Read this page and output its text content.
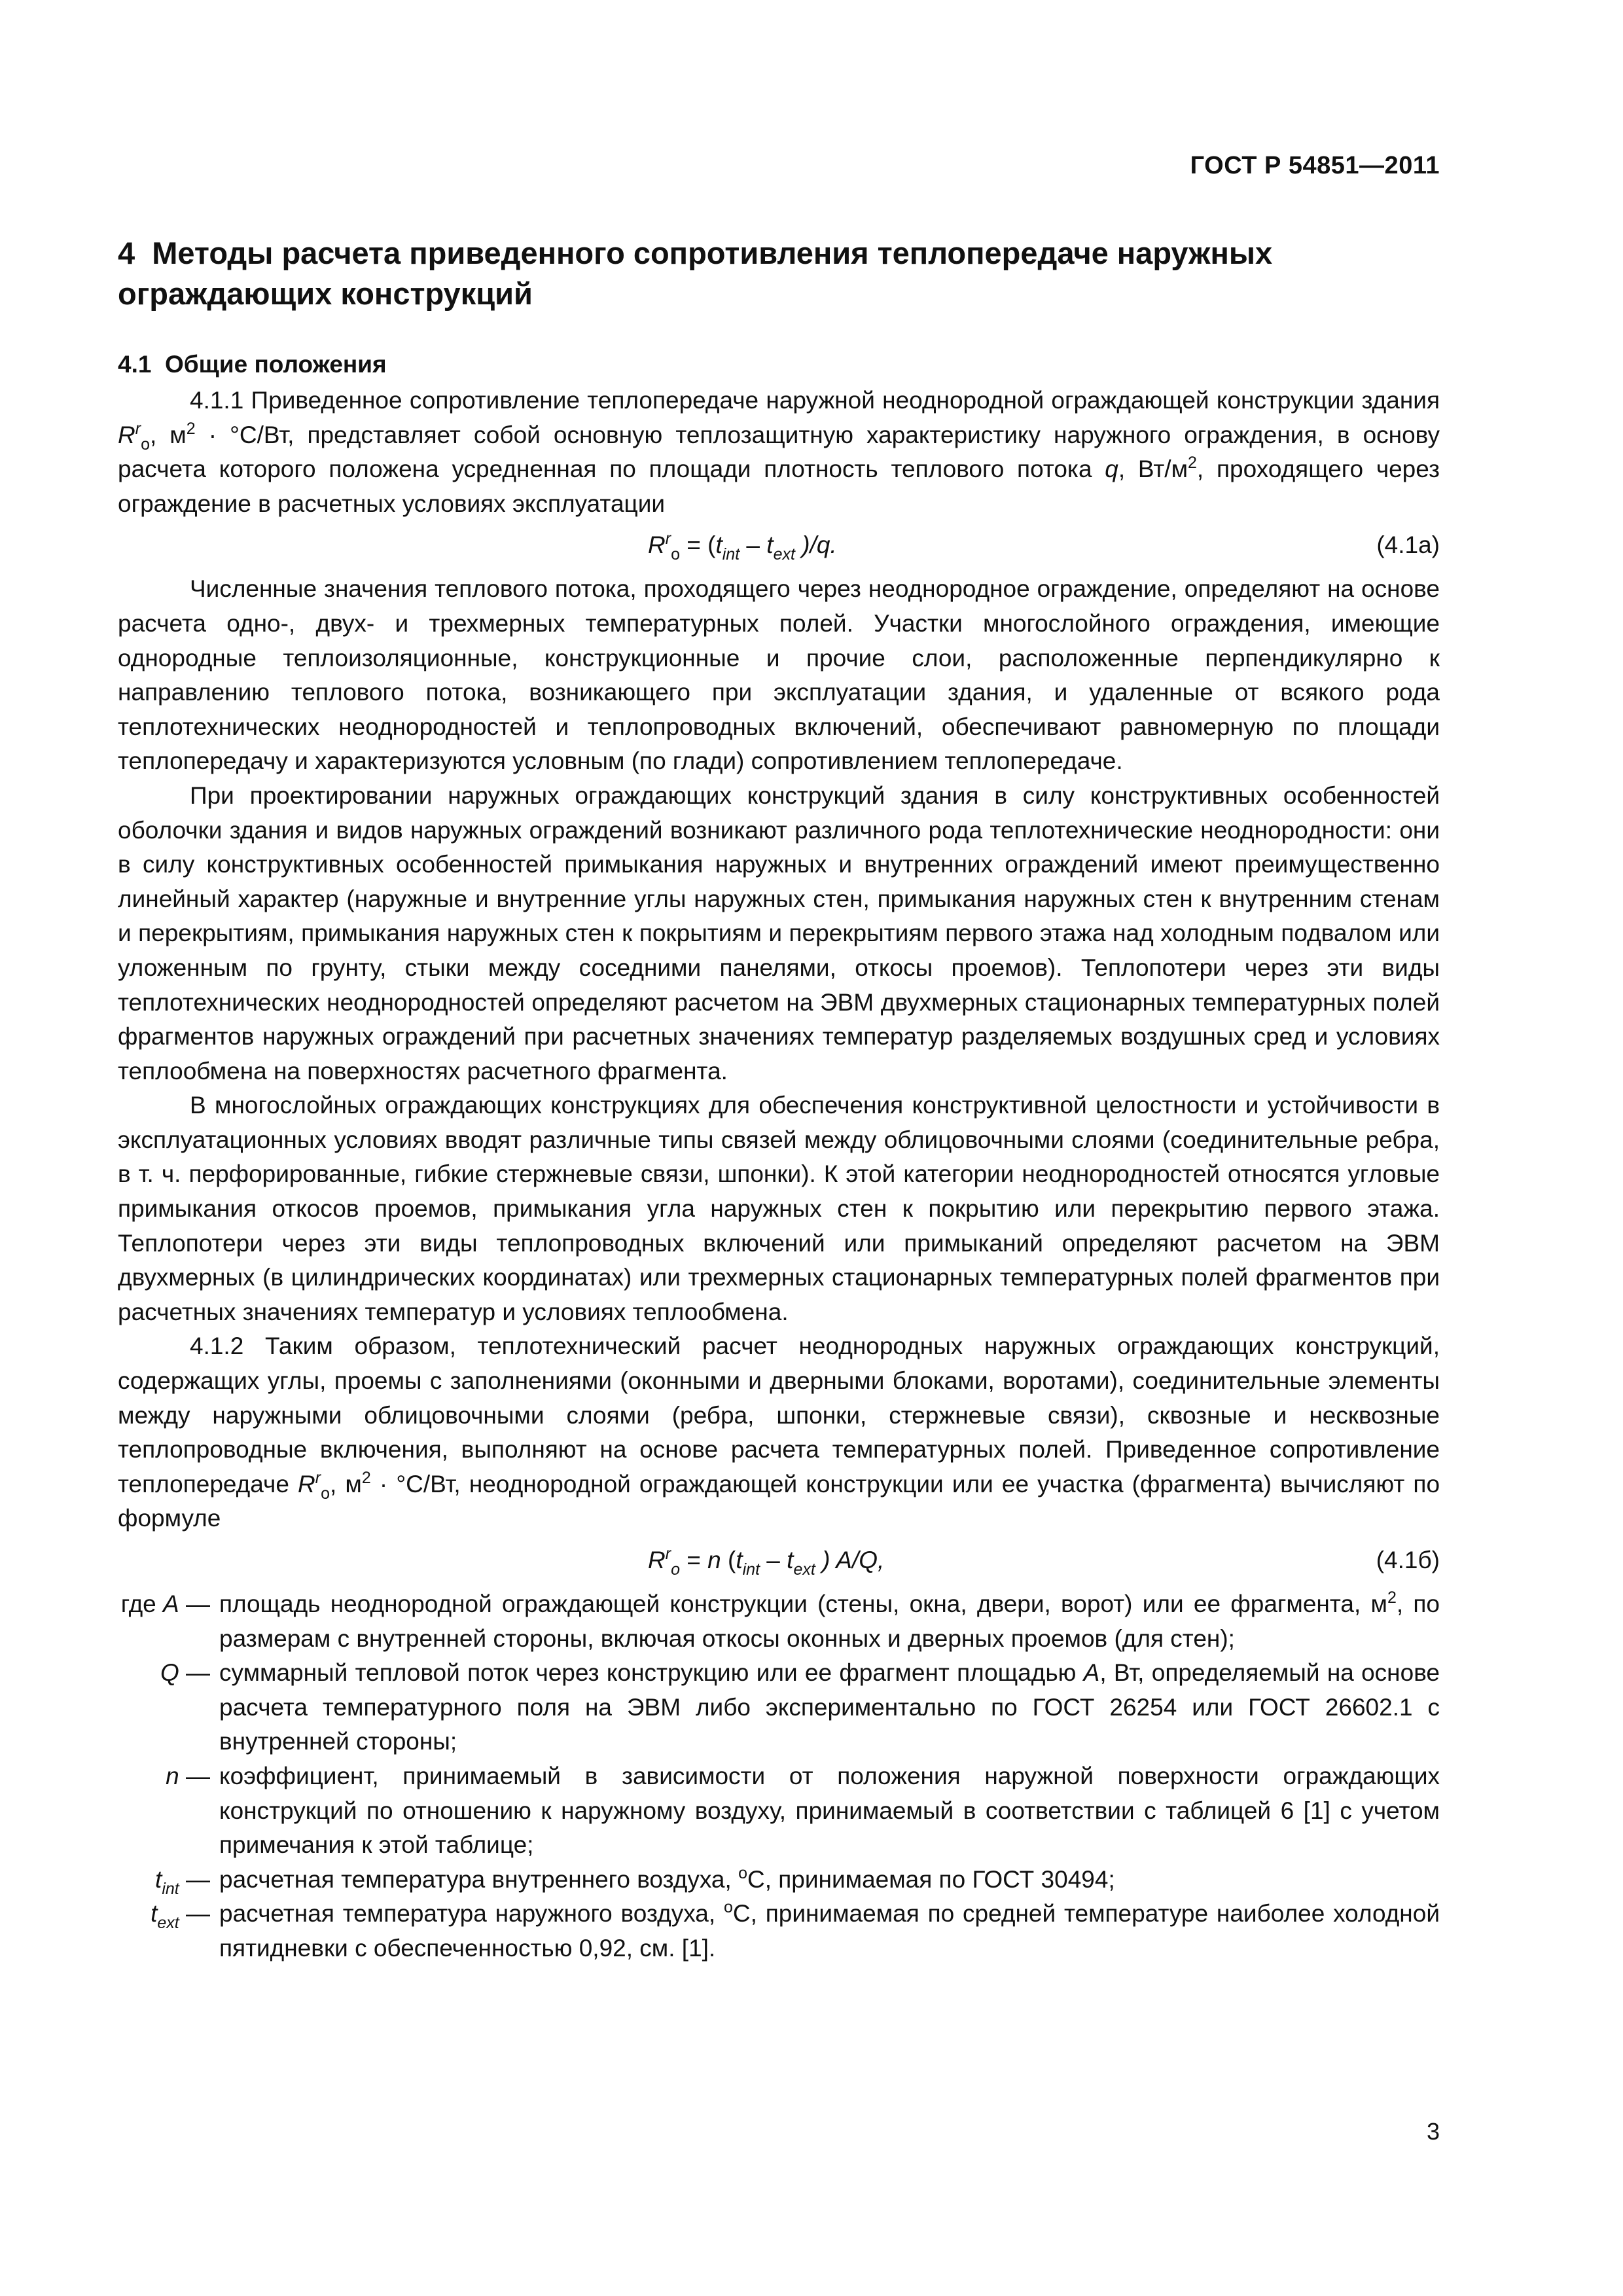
ГОСТ Р 54851—2011
4 Методы расчета приведенного сопротивления теплопередаче наружных ограждающих конструкций
4.1 Общие положения

4.1.1 Приведенное сопротивление теплопередаче наружной неоднородной ограждающей конструкции здания $R^r_o$, $м^2 \cdot ^\circ С/Вт$, представляет собой основную теплозащитную характеристику наружного ограждения, в основу расчета которого положена усредненная по площади плотность теплового потока q, $Вт/м^2$, проходящего через ограждение в расчетных условиях эксплуатации

$R^r_o = (t_{int} - t_{ext}$ )/q.	(4.1а)

Численные значения теплового потока, проходящего через неоднородное ограждение, определяют на основе расчета одно-, двух- и трехмерных температурных полей. Участки многослойного ограждения, имеющие однородные теплоизоляционные, конструкционные и прочие слои, расположенные перпендикулярно к направлению теплового потока, возникающего при эксплуатации здания, и удаленные от всякого рода теплотехнических неоднородностей и теплопроводных включений, обеспечивают равномерную по площади теплопередачу и характеризуются условным (по глади) сопротивлением теплопередаче.

При проектировании наружных ограждающих конструкций здания в силу конструктивных особенностей оболочки здания и видов наружных ограждений возникают различного рода теплотехнические неоднородности: они в силу конструктивных особенностей примыкания наружных и внутренних ограждений имеют преимущественно линейный характер (наружные и внутренние углы наружных стен, примыкания наружных стен к внутренним стенам и перекрытиям, примыкания наружных стен к покрытиям и перекрытиям первого этажа над холодным подвалом или уложенным по грунту, стыки между соседними панелями, откосы проемов). Теплопотери через эти виды теплотехнических неоднородностей определяют расчетом на ЭВМ двухмерных стационарных температурных полей фрагментов наружных ограждений при расчетных значениях температур разделяемых воздушных сред и условиях теплообмена на поверхностях расчетного фрагмента.

В многослойных ограждающих конструкциях для обеспечения конструктивной целостности и устойчивости в эксплуатационных условиях вводят различные типы связей между облицовочными слоями (соединительные ребра, в т. ч. перфорированные, гибкие стержневые связи, шпонки). К этой категории неоднородностей относятся угловые примыкания откосов проемов, примыкания угла наружных стен к покрытию или перекрытию первого этажа. Теплопотери через эти виды теплопроводных включений или примыканий определяют расчетом на ЭВМ двухмерных (в цилиндрических координатах) или трехмерных стационарных температурных полей фрагментов при расчетных значениях температур и условиях теплообмена.

4.1.2 Таким образом, теплотехнический расчет неоднородных наружных ограждающих конструкций, содержащих углы, проемы с заполнениями (оконными и дверными блоками, воротами), соединительные элементы между наружными облицовочными слоями (ребра, шпонки, стержневые связи), сквозные и несквозные теплопроводные включения, выполняют на основе расчета температурных полей. Приведенное сопротивление теплопередаче $R^r_o$, $м^2 \cdot ^\circ С/Вт$, неоднородной ограждающей конструкции или ее участка (фрагмента) вычисляют по формуле

$R^r_o = n$ ($t_{int} - t_{ext}$ ) A/Q,	(4.1б)
где A — площадь неоднородной ограждающей конструкции (стены, окна, двери, ворот) или ее фрагмента, $м^2$, по размерам с внутренней стороны, включая откосы оконных и дверных проемов (для стен);
Q — суммарный тепловой поток через конструкцию или ее фрагмент площадью A, Вт, определяемый на основе расчета температурного поля на ЭВМ либо экспериментально по ГОСТ 26254 или ГОСТ 26602.1 с внутренней стороны;
n — коэффициент, принимаемый в зависимости от положения наружной поверхности ограждающих конструкций по отношению к наружному воздуху, принимаемый в соответствии с таблицей 6 [1] с учетом примечания к этой таблице;
$t_{int}$ — расчетная температура внутреннего воздуха, $^o$С, принимаемая по ГОСТ 30494;
$t_{ext}$ — расчетная температура наружного воздуха, $^o$С, принимаемая по средней температуре наиболее холодной пятидневки с обеспеченностью 0,92, см. [1].
3
